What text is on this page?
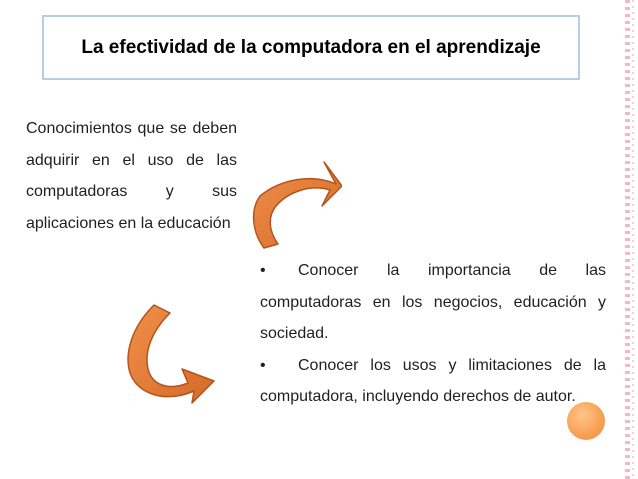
La efectividad de la computadora en el aprendizaje

Conocimientos que se deben adquirir en el uso de las computadoras y sus aplicaciones en la educación

• Conocer la importancia de las computadoras en los negocios, educación y sociedad.
• Conocer los usos y limitaciones de la computadora, incluyendo derechos de autor.
